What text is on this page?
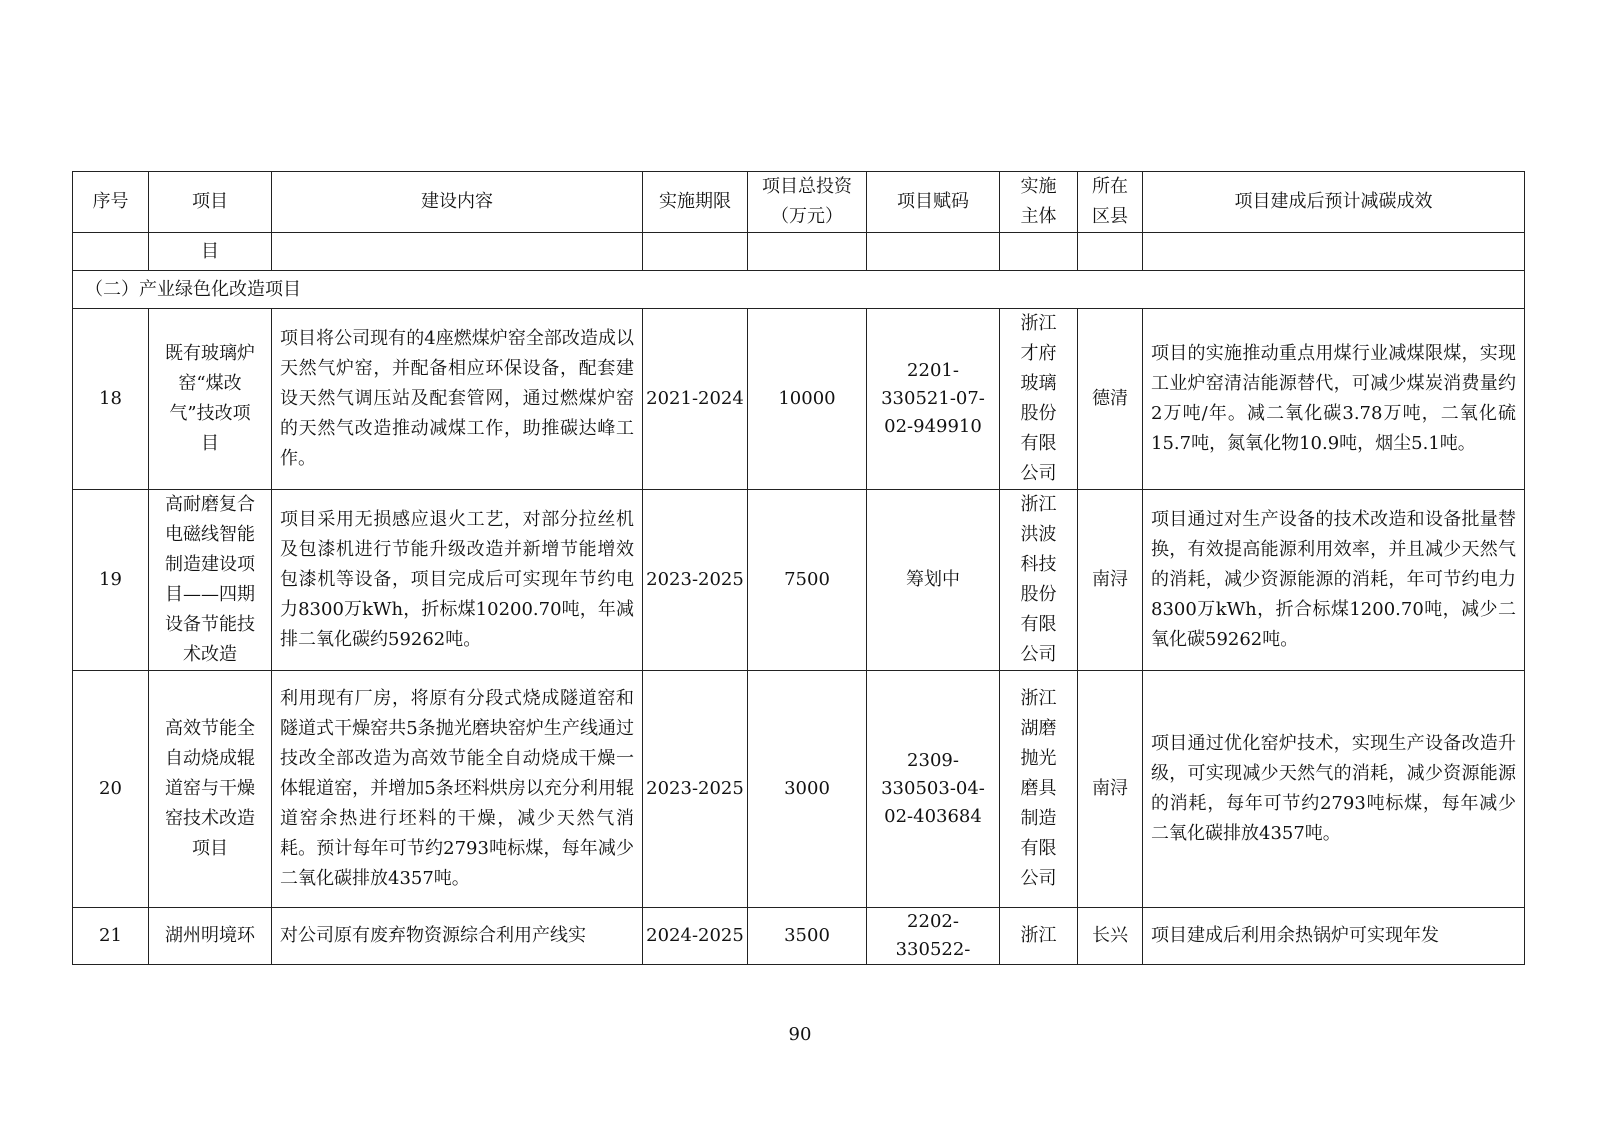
序号	项目	建设内容	实施期限	项目总投资（万元）	项目赋码	实施主体	所在区县	项目建成后预计减碳成效
	目							
（二）产业绿色化改造项目								
18	既有玻璃炉窑“煤改气”技改项目	项目将公司现有的4座燃煤炉窑全部改造成以天然气炉窑，并配备相应环保设备，配套建设天然气调压站及配套管网，通过燃煤炉窑的天然气改造推动减煤工作，助推碳达峰工作。	2021-2024	10000	2201-330521-07-02-949910	浙江才府玻璃股份有限公司	德清	项目的实施推动重点用煤行业减煤限煤，实现工业炉窑清洁能源替代，可减少煤炭消费量约2万吨/年。减二氧化碳3.78万吨，二氧化硫15.7吨，氮氧化物10.9吨，烟尘5.1吨。
19	高耐磨复合电磁线智能制造建设项目——四期设备节能技术改造	项目采用无损感应退火工艺，对部分拉丝机及包漆机进行节能升级改造并新增节能增效包漆机等设备，项目完成后可实现年节约电力8300万kWh，折标煤10200.70吨，年减排二氧化碳约59262吨。	2023-2025	7500	筹划中	浙江洪波科技股份有限公司	南浔	项目通过对生产设备的技术改造和设备批量替换，有效提高能源利用效率，并且减少天然气的消耗，减少资源能源的消耗，年可节约电力8300万kWh，折合标煤1200.70吨，减少二氧化碳59262吨。
20	高效节能全自动烧成辊道窑与干燥窑技术改造项目	利用现有厂房，将原有分段式烧成隧道窑和隧道式干燥窑共5条抛光磨块窑炉生产线通过技改全部改造为高效节能全自动烧成干燥一体辊道窑，并增加5条坯料烘房以充分利用辊道窑余热进行坯料的干燥，减少天然气消耗。预计每年可节约2793吨标煤，每年减少二氧化碳排放4357吨。	2023-2025	3000	2309-330503-04-02-403684	浙江湖磨抛光磨具制造有限公司	南浔	项目通过优化窑炉技术，实现生产设备改造升级，可实现减少天然气的消耗，减少资源能源的消耗，每年可节约2793吨标煤，每年减少二氧化碳排放4357吨。
21	湖州明境环	对公司原有废弃物资源综合利用产线实	2024-2025	3500	2202-330522-	浙江	长兴	项目建成后利用余热锅炉可实现年发
90
